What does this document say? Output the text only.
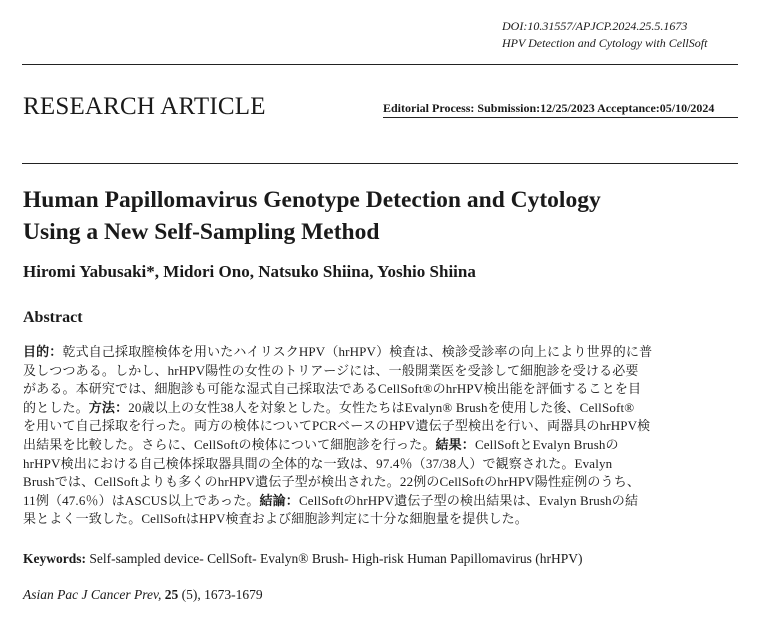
DOI:10.31557/APJCP.2024.25.5.1673
HPV Detection and Cytology with CellSoft
RESEARCH ARTICLE	Editorial Process: Submission:12/25/2023 Acceptance:05/10/2024
Human Papillomavirus Genotype Detection and Cytology
Using a New Self-Sampling Method

Hiromi Yabusaki*, Midori Ono, Natsuko Shiina, Yoshio Shiina

Abstract

目的：乾式自己採取膣検体を用いたハイリスクHPV（hrHPV）検査は、検診受診率の向上により世界的に普

及しつつある。しかし、hrHPV陽性の女性のトリアージには、一般開業医を受診して細胞診を受ける必要

がある。本研究では、細胞診も可能な湿式自己採取法であるCellSoft®のhrHPV検出能を評価することを目

的とした。方法：20歳以上の女性38人を対象とした。女性たちはEvalyn® Brushを使用した後、CellSoft®

を用いて自己採取を行った。両方の検体についてPCRベースのHPV遺伝子型検出を行い、両器具のhrHPV検

出結果を比較した。さらに、CellSoftの検体について細胞診を行った。結果：CellSoftとEvalyn Brushの

hrHPV検出における自己検体採取器具間の全体的な一致は、97.4％（37/38人）で観察された。Evalyn

Brushでは、CellSoftよりも多くのhrHPV遺伝子型が検出された。22例のCellSoftのhrHPV陽性症例のうち、

11例（47.6％）はASCUS以上であった。結論：CellSoftのhrHPV遺伝子型の検出結果は、Evalyn Brushの結

果とよく一致した。CellSoftはHPV検査および細胞診判定に十分な細胞量を提供した。

Keywords: Self-sampled device- CellSoft- Evalyn® Brush- High-risk Human Papillomavirus (hrHPV)

Asian Pac J Cancer Prev, 25 (5), 1673-1679
